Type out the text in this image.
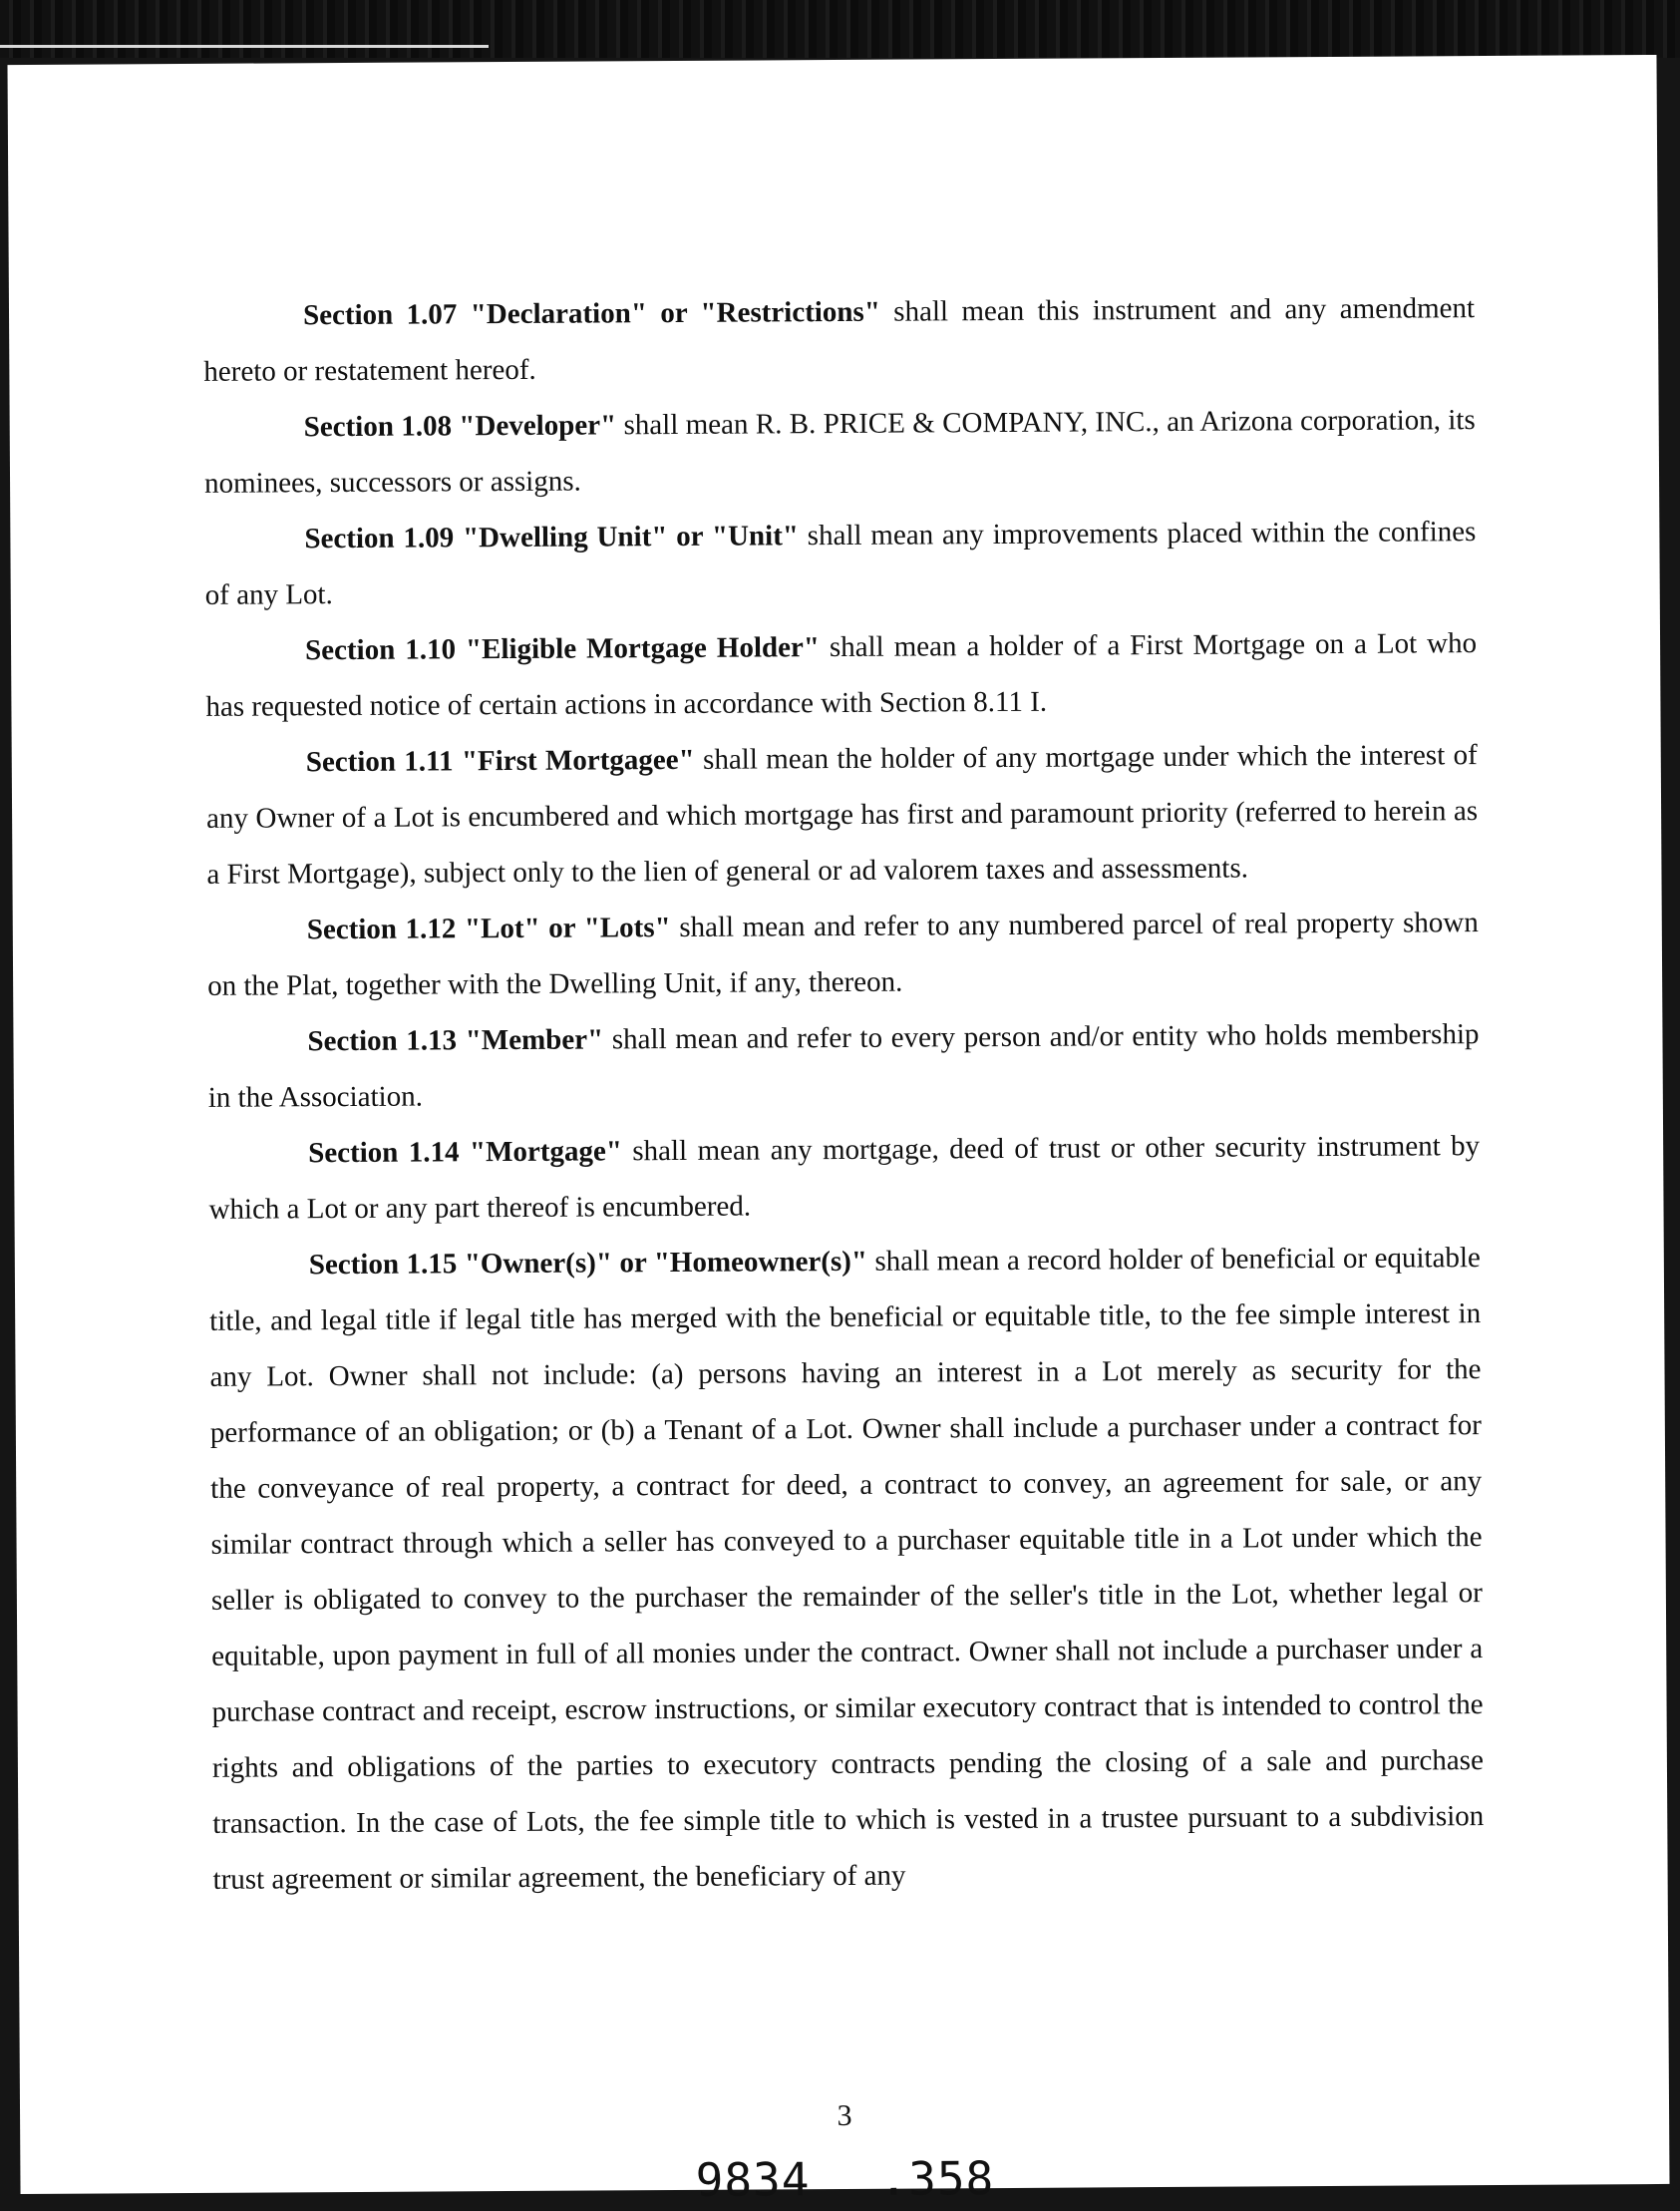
Section 1.07 "Declaration" or "Restrictions" shall mean this instrument and any amendment hereto or restatement hereof.

Section 1.08 "Developer" shall mean R. B. PRICE & COMPANY, INC., an Arizona corporation, its nominees, successors or assigns.

Section 1.09 "Dwelling Unit" or "Unit" shall mean any improvements placed within the confines of any Lot.

Section 1.10 "Eligible Mortgage Holder" shall mean a holder of a First Mortgage on a Lot who has requested notice of certain actions in accordance with Section 8.11 I.

Section 1.11 "First Mortgagee" shall mean the holder of any mortgage under which the interest of any Owner of a Lot is encumbered and which mortgage has first and paramount priority (referred to herein as a First Mortgage), subject only to the lien of general or ad valorem taxes and assessments.

Section 1.12 "Lot" or "Lots" shall mean and refer to any numbered parcel of real property shown on the Plat, together with the Dwelling Unit, if any, thereon.

Section 1.13 "Member" shall mean and refer to every person and/or entity who holds membership in the Association.

Section 1.14 "Mortgage" shall mean any mortgage, deed of trust or other security instrument by which a Lot or any part thereof is encumbered.

Section 1.15 "Owner(s)" or "Homeowner(s)" shall mean a record holder of beneficial or equitable title, and legal title if legal title has merged with the beneficial or equitable title, to the fee simple interest in any Lot. Owner shall not include: (a) persons having an interest in a Lot merely as security for the performance of an obligation; or (b) a Tenant of a Lot. Owner shall include a purchaser under a contract for the conveyance of real property, a contract for deed, a contract to convey, an agreement for sale, or any similar contract through which a seller has conveyed to a purchaser equitable title in a Lot under which the seller is obligated to convey to the purchaser the remainder of the seller's title in the Lot, whether legal or equitable, upon payment in full of all monies under the contract. Owner shall not include a purchaser under a purchase contract and receipt, escrow instructions, or similar executory contract that is intended to control the rights and obligations of the parties to executory contracts pending the closing of a sale and purchase transaction. In the case of Lots, the fee simple title to which is vested in a trustee pursuant to a subdivision trust agreement or similar agreement, the beneficiary of any

3
9834 .358
